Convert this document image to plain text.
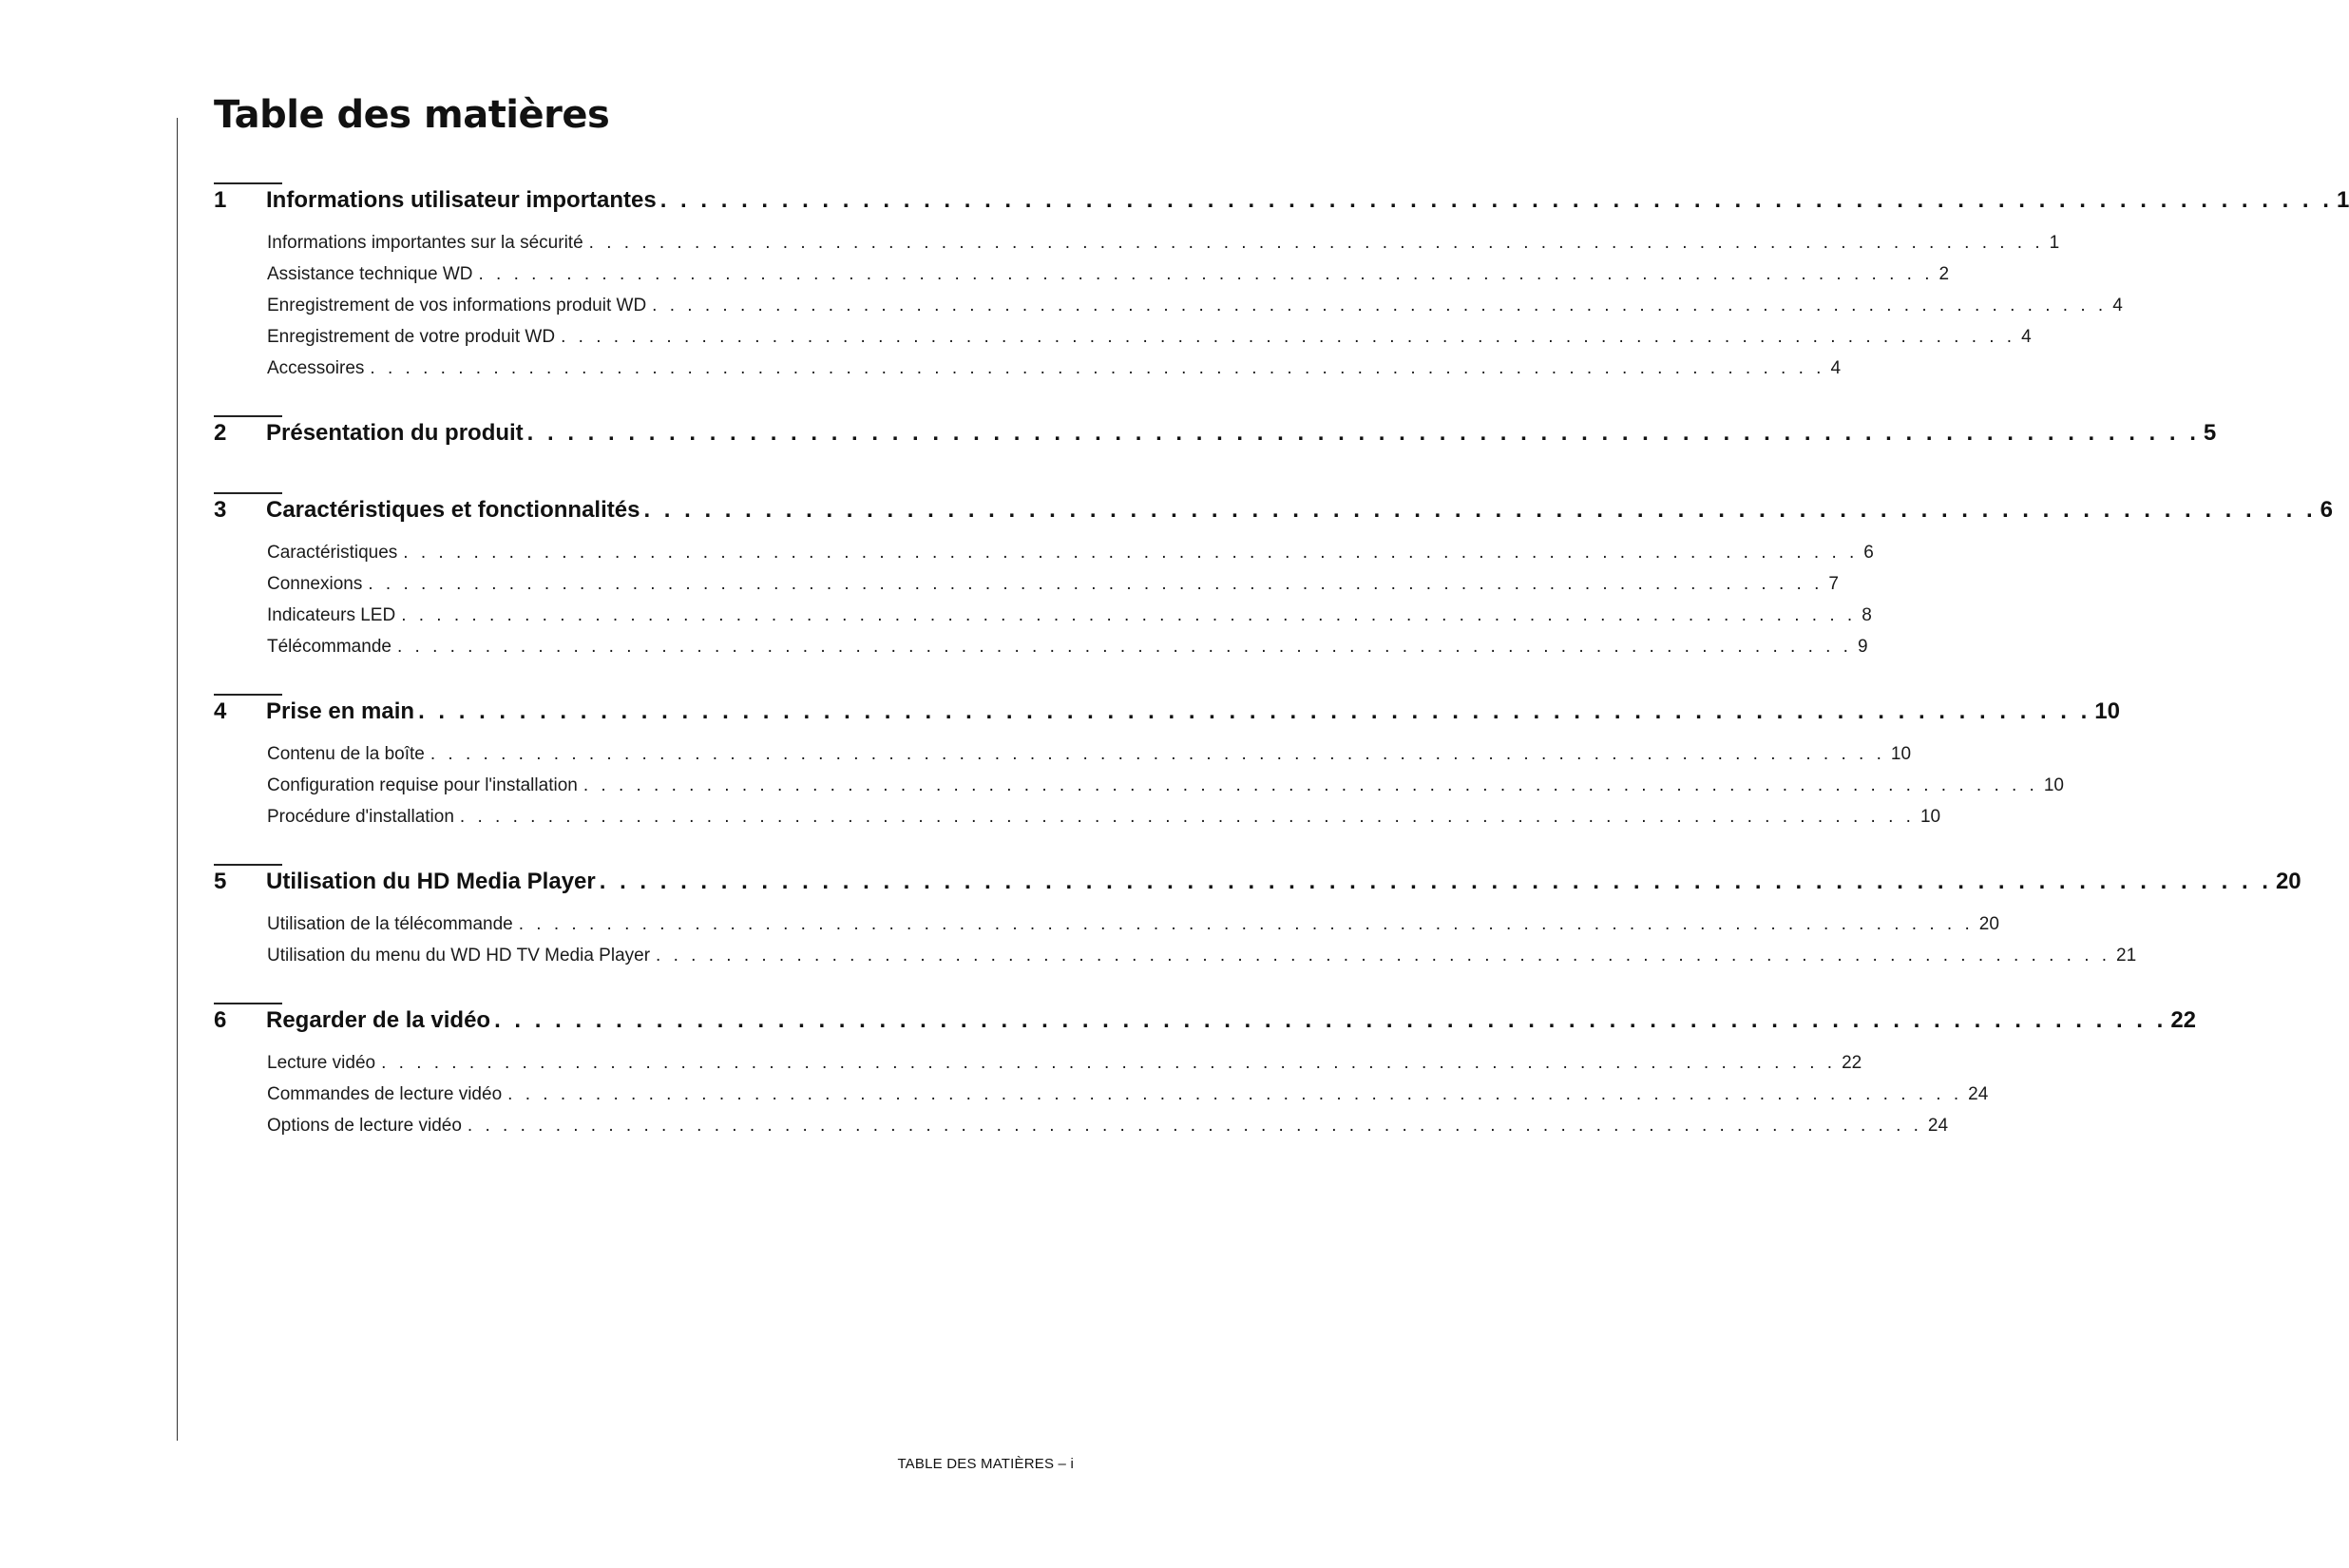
Table des matières
1	Informations utilisateur importantes . . . . . . . . . . . . . . . . . . . . . . . . . . . . . . . . . . . . . . . . . . . . . . . . . . . . . . . . . . . . . . . . . . . . . . . . . . . . . . . . . . . 1
Informations importantes sur la sécurité . . . . . . . . . . . . . . . . . . . . . . . . . . . . . . . . . . . . . . . . . . . . . . . . . . . . . . . . . . . . . . . . . . . . . . . . . . . . . . . . . . . 1
Assistance technique WD . . . . . . . . . . . . . . . . . . . . . . . . . . . . . . . . . . . . . . . . . . . . . . . . . . . . . . . . . . . . . . . . . . . . . . . . . . . . . . . . . . . 2
Enregistrement de vos informations produit WD . . . . . . . . . . . . . . . . . . . . . . . . . . . . . . . . . . . . . . . . . . . . . . . . . . . . . . . . . . . . . . . . . . . . . . . . . . . . . . . . . . . 4
Enregistrement de votre produit WD . . . . . . . . . . . . . . . . . . . . . . . . . . . . . . . . . . . . . . . . . . . . . . . . . . . . . . . . . . . . . . . . . . . . . . . . . . . . . . . . . . . 4
Accessoires . . . . . . . . . . . . . . . . . . . . . . . . . . . . . . . . . . . . . . . . . . . . . . . . . . . . . . . . . . . . . . . . . . . . . . . . . . . . . . . . . . . 4
2	Présentation du produit . . . . . . . . . . . . . . . . . . . . . . . . . . . . . . . . . . . . . . . . . . . . . . . . . . . . . . . . . . . . . . . . . . . . . . . . . . . . . . . . . . . 5
3	Caractéristiques et fonctionnalités . . . . . . . . . . . . . . . . . . . . . . . . . . . . . . . . . . . . . . . . . . . . . . . . . . . . . . . . . . . . . . . . . . . . . . . . . . . . . . . . . . . 6
Caractéristiques . . . . . . . . . . . . . . . . . . . . . . . . . . . . . . . . . . . . . . . . . . . . . . . . . . . . . . . . . . . . . . . . . . . . . . . . . . . . . . . . . . . 6
Connexions . . . . . . . . . . . . . . . . . . . . . . . . . . . . . . . . . . . . . . . . . . . . . . . . . . . . . . . . . . . . . . . . . . . . . . . . . . . . . . . . . . . 7
Indicateurs LED . . . . . . . . . . . . . . . . . . . . . . . . . . . . . . . . . . . . . . . . . . . . . . . . . . . . . . . . . . . . . . . . . . . . . . . . . . . . . . . . . . . 8
Télécommande . . . . . . . . . . . . . . . . . . . . . . . . . . . . . . . . . . . . . . . . . . . . . . . . . . . . . . . . . . . . . . . . . . . . . . . . . . . . . . . . . . . 9
4	Prise en main . . . . . . . . . . . . . . . . . . . . . . . . . . . . . . . . . . . . . . . . . . . . . . . . . . . . . . . . . . . . . . . . . . . . . . . . . . . . . . . . . . . 10
Contenu de la boîte . . . . . . . . . . . . . . . . . . . . . . . . . . . . . . . . . . . . . . . . . . . . . . . . . . . . . . . . . . . . . . . . . . . . . . . . . . . . . . . . . . . 10
Configuration requise pour l'installation . . . . . . . . . . . . . . . . . . . . . . . . . . . . . . . . . . . . . . . . . . . . . . . . . . . . . . . . . . . . . . . . . . . . . . . . . . . . . . . . . . . 10
Procédure d'installation . . . . . . . . . . . . . . . . . . . . . . . . . . . . . . . . . . . . . . . . . . . . . . . . . . . . . . . . . . . . . . . . . . . . . . . . . . . . . . . . . . . 10
5	Utilisation du HD Media Player . . . . . . . . . . . . . . . . . . . . . . . . . . . . . . . . . . . . . . . . . . . . . . . . . . . . . . . . . . . . . . . . . . . . . . . . . . . . . . . . . . . 20
Utilisation de la télécommande . . . . . . . . . . . . . . . . . . . . . . . . . . . . . . . . . . . . . . . . . . . . . . . . . . . . . . . . . . . . . . . . . . . . . . . . . . . . . . . . . . . 20
Utilisation du menu du WD HD TV Media Player . . . . . . . . . . . . . . . . . . . . . . . . . . . . . . . . . . . . . . . . . . . . . . . . . . . . . . . . . . . . . . . . . . . . . . . . . . . . . . . . . . . 21
6	Regarder de la vidéo . . . . . . . . . . . . . . . . . . . . . . . . . . . . . . . . . . . . . . . . . . . . . . . . . . . . . . . . . . . . . . . . . . . . . . . . . . . . . . . . . . . 22
Lecture vidéo . . . . . . . . . . . . . . . . . . . . . . . . . . . . . . . . . . . . . . . . . . . . . . . . . . . . . . . . . . . . . . . . . . . . . . . . . . . . . . . . . . . 22
Commandes de lecture vidéo . . . . . . . . . . . . . . . . . . . . . . . . . . . . . . . . . . . . . . . . . . . . . . . . . . . . . . . . . . . . . . . . . . . . . . . . . . . . . . . . . . . 24
Options de lecture vidéo . . . . . . . . . . . . . . . . . . . . . . . . . . . . . . . . . . . . . . . . . . . . . . . . . . . . . . . . . . . . . . . . . . . . . . . . . . . . . . . . . . . 24
TABLE DES MATIÈRES – i
